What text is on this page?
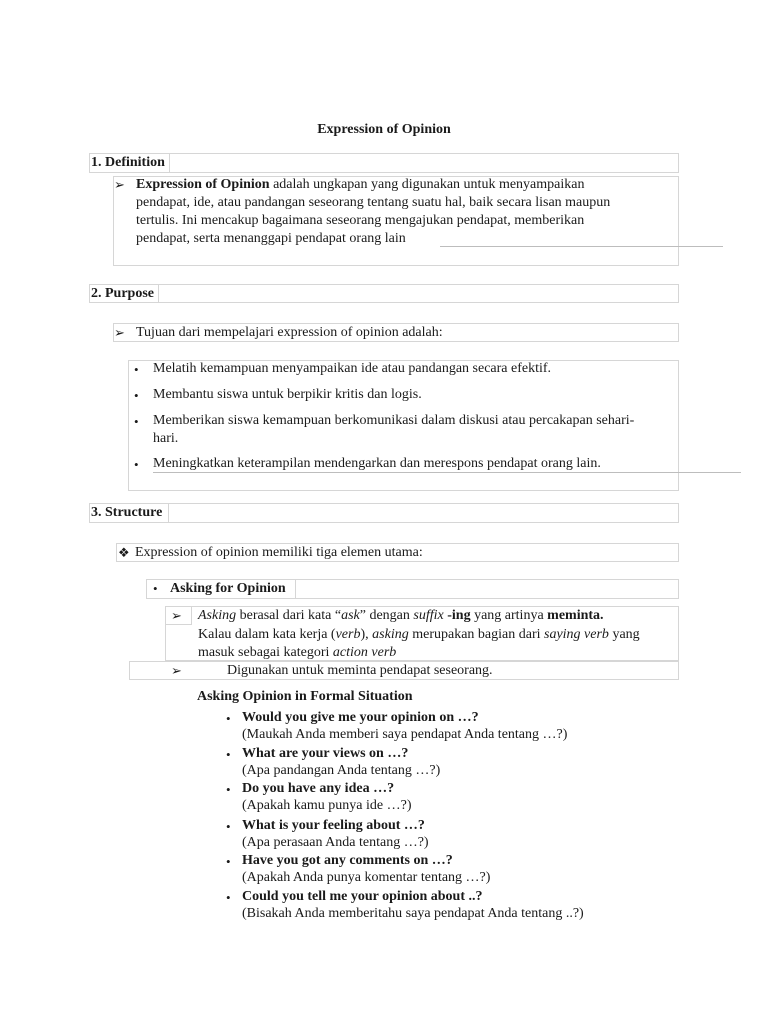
Expression of Opinion
1. Definition
➢ Expression of Opinion adalah ungkapan yang digunakan untuk menyampaikan
pendapat, ide, atau pandangan seseorang tentang suatu hal, baik secara lisan maupun
tertulis. Ini mencakup bagaimana seseorang mengajukan pendapat, memberikan
pendapat, serta menanggapi pendapat orang lain
2. Purpose
➢ Tujuan dari mempelajari expression of opinion adalah:
• Melatih kemampuan menyampaikan ide atau pandangan secara efektif.
• Membantu siswa untuk berpikir kritis dan logis.
• Memberikan siswa kemampuan berkomunikasi dalam diskusi atau percakapan sehari-
hari.
• Meningkatkan keterampilan mendengarkan dan merespons pendapat orang lain.
3. Structure
❖ Expression of opinion memiliki tiga elemen utama:
• Asking for Opinion
➢ Asking berasal dari kata “ask” dengan suffix -ing yang artinya meminta.
Kalau dalam kata kerja (verb), asking merupakan bagian dari saying verb yang
masuk sebagai kategori action verb
➢	Digunakan untuk meminta pendapat seseorang.
Asking Opinion in Formal Situation
• Would you give me your opinion on …?
(Maukah Anda memberi saya pendapat Anda tentang …?)
• What are your views on …?
(Apa pandangan Anda tentang …?)
• Do you have any idea …?
(Apakah kamu punya ide …?)
• What is your feeling about …?
(Apa perasaan Anda tentang …?)
• Have you got any comments on …?
(Apakah Anda punya komentar tentang …?)
• Could you tell me your opinion about ..?
(Bisakah Anda memberitahu saya pendapat Anda tentang ..?)
